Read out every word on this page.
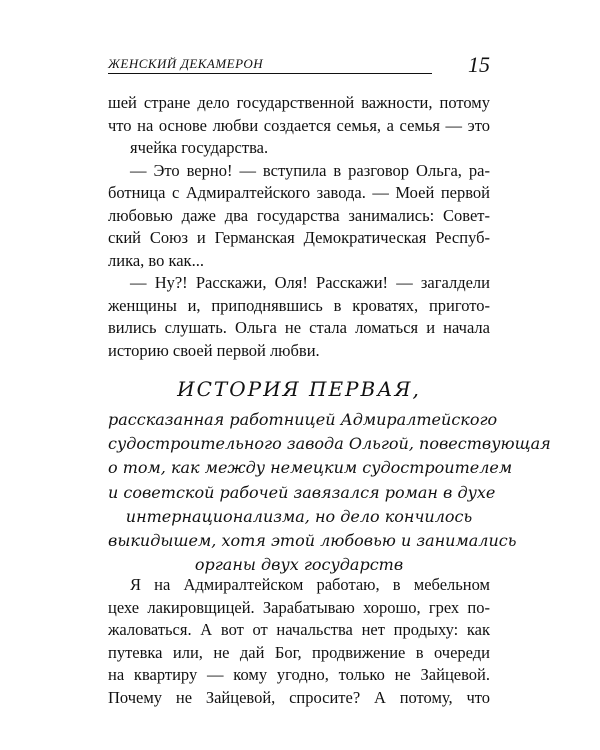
ЖЕНСКИЙ ДЕКАМЕРОН	15
шей стране дело государственной важности, потому
что на основе любви создается семья, а семья — это
ячейка государства.
— Это верно! — вступила в разговор Ольга, ра-
ботница с Адмиралтейского завода. — Моей первой
любовью даже два государства занимались: Совет-
ский Союз и Германская Демократическая Респуб-
лика, во как...
— Ну?! Расскажи, Оля! Расскажи! — загалдели
женщины и, приподнявшись в кроватях, пригото-
вились слушать. Ольга не стала ломаться и начала
историю своей первой любви.
ИСТОРИЯ ПЕРВАЯ,
рассказанная работницей Адмиралтейского
судостроительного завода Ольгой, повествующая
о том, как между немецким судостроителем
и советской рабочей завязался роман в духе
интернационализма, но дело кончилось
выкидышем, хотя этой любовью и занимались
органы двух государств
Я на Адмиралтейском работаю, в мебельном
цехе лакировщицей. Зарабатываю хорошо, грех по-
жаловаться. А вот от начальства нет продыху: как
путевка или, не дай Бог, продвижение в очереди
на квартиру — кому угодно, только не Зайцевой.
Почему не Зайцевой, спросите? А потому, что
